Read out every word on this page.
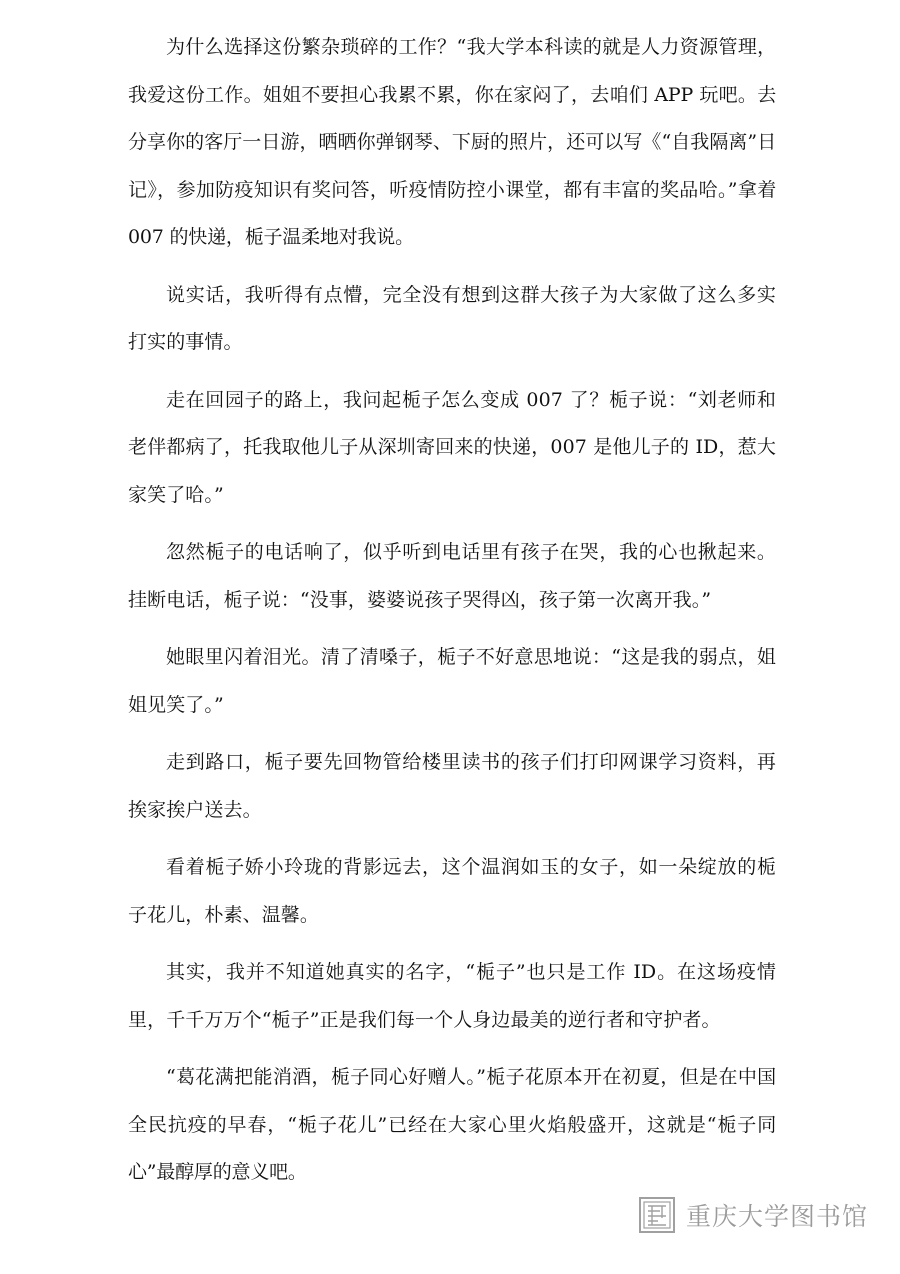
为什么选择这份繁杂琐碎的工作？“我大学本科读的就是人力资源管理，我爱这份工作。姐姐不要担心我累不累，你在家闷了，去咱们 APP 玩吧。去分享你的客厅一日游，晒晒你弹钢琴、下厨的照片，还可以写《“自我隔离”日记》，参加防疫知识有奖问答，听疫情防控小课堂，都有丰富的奖品哈。”拿着 007 的快递，栀子温柔地对我说。

说实话，我听得有点懵，完全没有想到这群大孩子为大家做了这么多实打实的事情。

走在回园子的路上，我问起栀子怎么变成 007 了？栀子说：“刘老师和老伴都病了，托我取他儿子从深圳寄回来的快递，007 是他儿子的 ID，惹大家笑了哈。”

忽然栀子的电话响了，似乎听到电话里有孩子在哭，我的心也揪起来。挂断电话，栀子说：“没事，婆婆说孩子哭得凶，孩子第一次离开我。”

她眼里闪着泪光。清了清嗓子，栀子不好意思地说：“这是我的弱点，姐姐见笑了。”

走到路口，栀子要先回物管给楼里读书的孩子们打印网课学习资料，再挨家挨户送去。

看着栀子娇小玲珑的背影远去，这个温润如玉的女子，如一朵绽放的栀子花儿，朴素、温馨。

其实，我并不知道她真实的名字，“栀子”也只是工作 ID。在这场疫情里，千千万万个“栀子”正是我们每一个人身边最美的逆行者和守护者。

“葛花满把能消酒，栀子同心好赠人。”栀子花原本开在初夏，但是在中国全民抗疫的早春，“栀子花儿”已经在大家心里火焰般盛开，这就是“栀子同心”最醇厚的意义吧。

重庆大学图书馆
